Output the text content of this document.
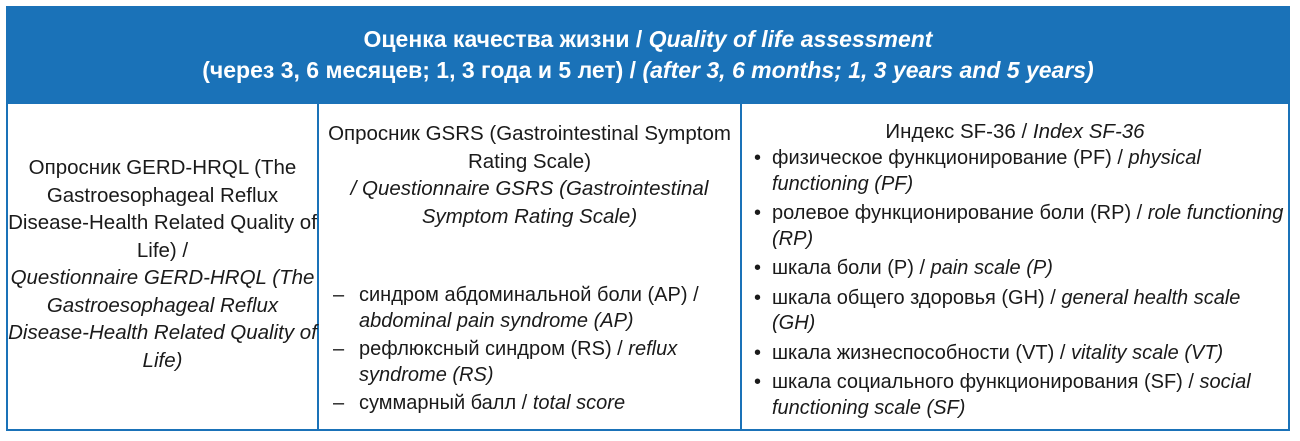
Оценка качества жизни / Quality of life assessment
(через 3, 6 месяцев; 1, 3 года и 5 лет) / (after 3, 6 months; 1, 3 years and 5 years)
Опросник GERD-HRQL (The Gastroesophageal Reflux Disease-Health Related Quality of Life) /
Questionnaire GERD-HRQL (The Gastroesophageal Reflux Disease-Health Related Quality of Life)
Опросник GSRS (Gastrointestinal Symptom Rating Scale)
/ Questionnaire GSRS (Gastrointestinal Symptom Rating Scale)
– синдром абдоминальной боли (AP) / abdominal pain syndrome (AP)
– рефлюксный синдром (RS) / reflux syndrome (RS)
– суммарный балл / total score
Индекс SF-36 / Index SF-36
• физическое функционирование (PF) / physical functioning (PF)
• ролевое функционирование боли (RP) / role functioning (RP)
• шкала боли (P) / pain scale (P)
• шкала общего здоровья (GH) / general health scale (GH)
• шкала жизнеспособности (VT) / vitality scale (VT)
• шкала социального функционирования (SF) / social functioning scale (SF)
